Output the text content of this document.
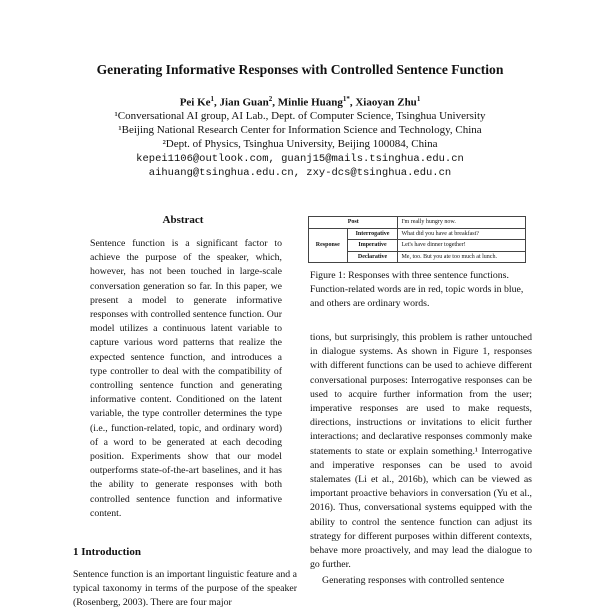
Generating Informative Responses with Controlled Sentence Function
Pei Ke$^1$, Jian Guan$^2$, Minlie Huang$^{1*}$, Xiaoyan Zhu$^1$
¹Conversational AI group, AI Lab., Dept. of Computer Science, Tsinghua University
¹Beijing National Research Center for Information Science and Technology, China
²Dept. of Physics, Tsinghua University, Beijing 100084, China
kepei1106@outlook.com, guanj15@mails.tsinghua.edu.cn
aihuang@tsinghua.edu.cn, zxy-dcs@tsinghua.edu.cn
Abstract

Sentence function is a significant factor to achieve the purpose of the speaker, which, however, has not been touched in large-scale conversation generation so far. In this paper, we present a model to generate informative responses with controlled sentence function. Our model utilizes a continuous latent variable to capture various word patterns that realize the expected sentence function, and introduces a type controller to deal with the compatibility of controlling sentence function and generating informative content. Conditioned on the latent variable, the type controller determines the type (i.e., function-related, topic, and ordinary word) of a word to be generated at each decoding position. Experiments show that our model outperforms state-of-the-art baselines, and it has the ability to generate responses with both controlled sentence function and informative content.

1 Introduction
Sentence function is an important linguistic feature and a typical taxonomy in terms of the purpose of the speaker (Rosenberg, 2003). There are four major
Post		I'm really hungry now.
Response	Interrogative	What did you have at breakfast?
	Imperative	Let's have dinner together!
	Declarative	Me, too. But you ate too much at lunch.
Figure 1: Responses with three sentence functions. Function-related words are in red, topic words in blue, and others are ordinary words.

tions, but surprisingly, this problem is rather untouched in dialogue systems. As shown in Figure 1, responses with different functions can be used to achieve different conversational purposes: Interrogative responses can be used to acquire further information from the user; imperative responses are used to make requests, directions, instructions or invitations to elicit further interactions; and declarative responses commonly make statements to state or explain something.¹ Interrogative and imperative responses can be used to avoid stalemates (Li et al., 2016b), which can be viewed as important proactive behaviors in conversation (Yu et al., 2016). Thus, conversational systems equipped with the ability to control the sentence function can adjust its strategy for different purposes within different contexts, behave more proactively, and may lead the dialogue to go further.

Generating responses with controlled sentence
